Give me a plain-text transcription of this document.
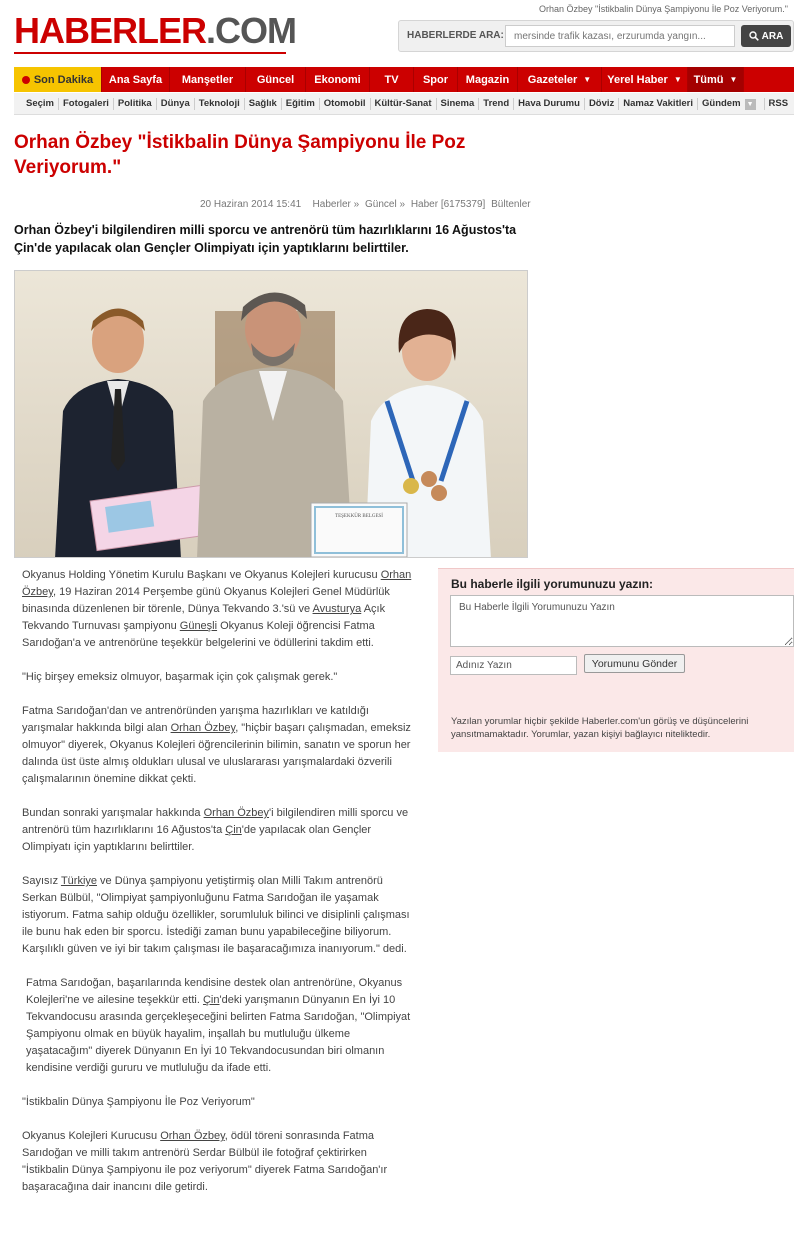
HABERLER.COM
Orhan Özbey "İstikbalin Dünya Şampiyonu İle Poz Veriyorum."
HABERLERDE ARA:
mersinde trafik kazası, erzurumda yangın...	ARA
Son Dakika	Ana Sayfa	Manşetler	Güncel	Ekonomi	TV	Spor	Magazin	Gazeteler ▼ Yerel Haber ▼ Tümü ▼
Seçim Fotogaleri Politika Dünya Teknoloji Sağlık Eğitim Otomobil Kültür-Sanat Sinema Trend Hava Durumu Döviz Namaz Vakitleri Gündem ▼	RSS
Orhan Özbey "İstikbalin Dünya Şampiyonu İle Poz Veriyorum."
20 Haziran 2014 15:41 Haberler » Güncel » Haber [6175379] Bültenler
Orhan Özbey'i bilgilendiren milli sporcu ve antrenörü tüm hazırlıklarını 16 Ağustos'ta Çin'de yapılacak olan Gençler Olimpiyatı için yaptıklarını belirttiler.
TEŞEKKÜR BELGESİ

Okyanus Holding Yönetim Kurulu Başkanı ve Okyanus Kolejleri kurucusu Orhan Özbey, 19 Haziran 2014 Perşembe günü Okyanus Kolejleri Genel Müdürlük binasında düzenlenen bir törenle, Dünya Tekvando 3.'sü ve Avusturya Açık Tekvando Turnuvası şampiyonu Güneşli Okyanus Koleji öğrencisi Fatma Sarıdoğan'a ve antrenörüne teşekkür belgelerini ve ödüllerini takdim etti.

"Hiç birşey emeksiz olmuyor, başarmak için çok çalışmak gerek."

Fatma Sarıdoğan'dan ve antrenöründen yarışma hazırlıkları ve katıldığı yarışmalar hakkında bilgi alan Orhan Özbey, "hiçbir başarı çalışmadan, emeksiz olmuyor" diyerek, Okyanus Kolejleri öğrencilerinin bilimin, sanatın ve sporun her dalında üst üste almış oldukları ulusal ve uluslararası yarışmalardaki özverili çalışmalarının önemine dikkat çekti.

Bundan sonraki yarışmalar hakkında Orhan Özbey'i bilgilendiren milli sporcu ve antrenörü tüm hazırlıklarını 16 Ağustos'ta Çin'de yapılacak olan Gençler Olimpiyatı için yaptıklarını belirttiler.

Sayısız Türkiye ve Dünya şampiyonu yetiştirmiş olan Milli Takım antrenörü Serkan Bülbül, "Olimpiyat şampiyonluğunu Fatma Sarıdoğan ile yaşamak istiyorum. Fatma sahip olduğu özellikler, sorumluluk bilinci ve disiplinli çalışması ile bunu hak eden bir sporcu. İstediği zaman bunu yapabileceğine biliyorum. Karşılıklı güven ve iyi bir takım çalışması ile başaracağımıza inanıyorum." dedi.

Fatma Sarıdoğan, başarılarında kendisine destek olan antrenörüne, Okyanus Kolejleri'ne ve ailesine teşekkür etti. Çin'deki yarışmanın Dünyanın En İyi 10 Tekvandocusu arasında gerçekleşeceğini belirten Fatma Sarıdoğan, "Olimpiyat Şampiyonu olmak en büyük hayalim, inşallah bu mutluluğu ülkeme yaşatacağım" diyerek Dünyanın En İyi 10 Tekvandocusundan biri olmanın kendisine verdiği gururu ve mutluluğu da ifade etti.

"İstikbalin Dünya Şampiyonu İle Poz Veriyorum"

Okyanus Kolejleri Kurucusu Orhan Özbey, ödül töreni sonrasında Fatma Sarıdoğan ve milli takım antrenörü Serdar Bülbül ile fotoğraf çektirirken "İstikbalin Dünya Şampiyonu ile poz veriyorum" diyerek Fatma Sarıdoğan'ır başaracağına dair inancını dile getirdi.

Bu haberle ilgili yorumunuzu yazın:
Bu Haberle İlgili Yorumunuzu Yazın
Adınız Yazın
Yorumunu Gönder
Yazılan yorumlar hiçbir şekilde Haberler.com'un görüş ve düşüncelerini yansıtmamaktadır. Yorumlar, yazan kişiyi bağlayıcı niteliktedir.
